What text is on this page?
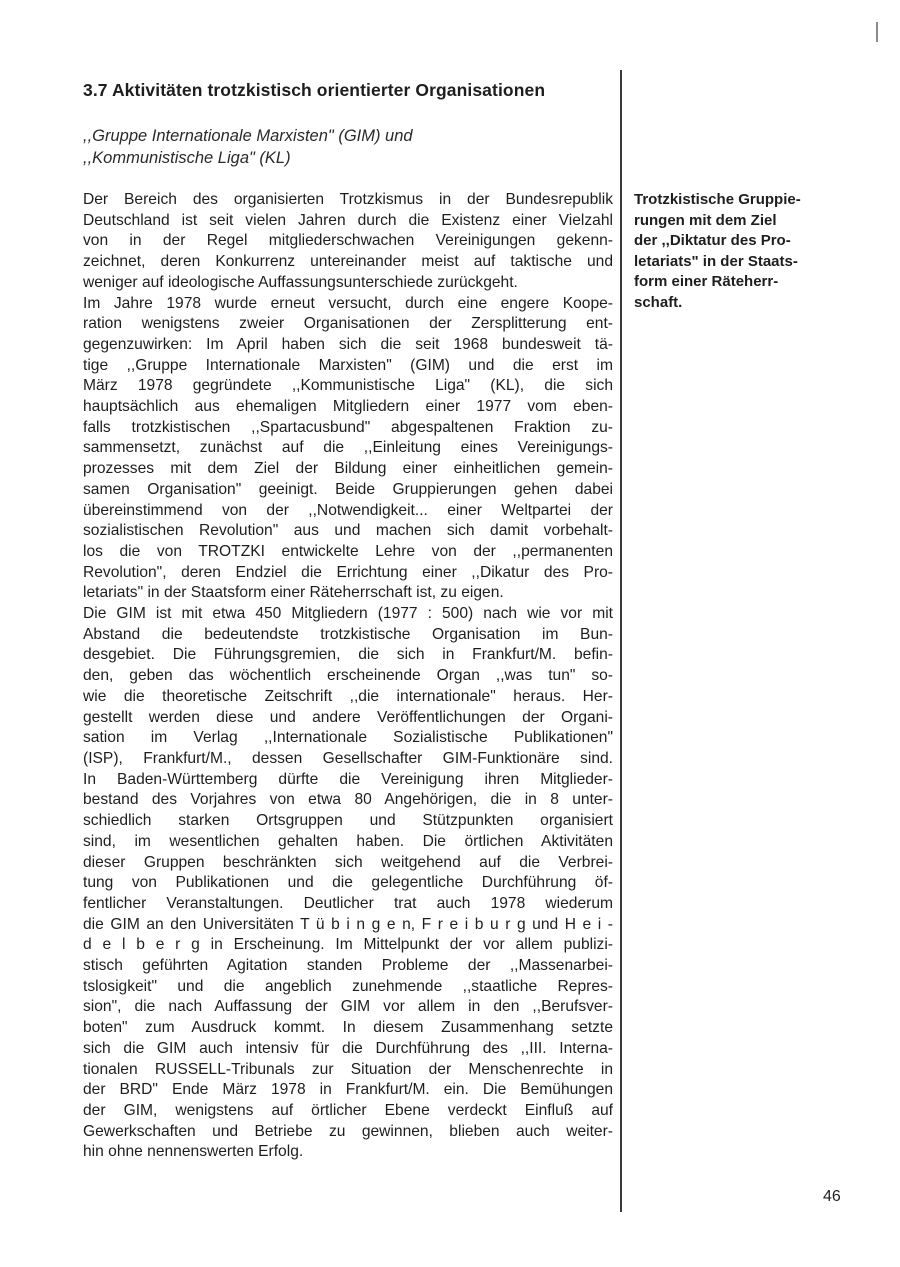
3.7 Aktivitäten trotzkistisch orientierter Organisationen

,,Gruppe Internationale Marxisten" (GIM) und
,,Kommunistische Liga" (KL)

Der Bereich des organisierten Trotzkismus in der Bundesrepublik
Deutschland ist seit vielen Jahren durch die Existenz einer Vielzahl
von in der Regel mitgliederschwachen Vereinigungen gekenn-
zeichnet, deren Konkurrenz untereinander meist auf taktische und
weniger auf ideologische Auffassungsunterschiede zurückgeht.
Im Jahre 1978 wurde erneut versucht, durch eine engere Koope-
ration wenigstens zweier Organisationen der Zersplitterung ent-
gegenzuwirken: Im April haben sich die seit 1968 bundesweit tä-
tige ,,Gruppe Internationale Marxisten" (GIM) und die erst im
März 1978 gegründete ,,Kommunistische Liga" (KL), die sich
hauptsächlich aus ehemaligen Mitgliedern einer 1977 vom eben-
falls trotzkistischen ,,Spartacusbund" abgespaltenen Fraktion zu-
sammensetzt, zunächst auf die ,,Einleitung eines Vereinigungs-
prozesses mit dem Ziel der Bildung einer einheitlichen gemein-
samen Organisation" geeinigt. Beide Gruppierungen gehen dabei
übereinstimmend von der ,,Notwendigkeit... einer Weltpartei der
sozialistischen Revolution" aus und machen sich damit vorbehalt-
los die von TROTZKI entwickelte Lehre von der ,,permanenten
Revolution", deren Endziel die Errichtung einer ,,Dikatur des Pro-
letariats" in der Staatsform einer Räteherrschaft ist, zu eigen.
Die GIM ist mit etwa 450 Mitgliedern (1977 : 500) nach wie vor mit
Abstand die bedeutendste trotzkistische Organisation im Bun-
desgebiet. Die Führungsgremien, die sich in Frankfurt/M. befin-
den, geben das wöchentlich erscheinende Organ ,,was tun" so-
wie die theoretische Zeitschrift ,,die internationale" heraus. Her-
gestellt werden diese und andere Veröffentlichungen der Organi-
sation im Verlag ,,Internationale Sozialistische Publikationen"
(ISP), Frankfurt/M., dessen Gesellschafter GIM-Funktionäre sind.
In Baden-Württemberg dürfte die Vereinigung ihren Mitglieder-
bestand des Vorjahres von etwa 80 Angehörigen, die in 8 unter-
schiedlich starken Ortsgruppen und Stützpunkten organisiert
sind, im wesentlichen gehalten haben. Die örtlichen Aktivitäten
dieser Gruppen beschränkten sich weitgehend auf die Verbrei-
tung von Publikationen und die gelegentliche Durchführung öf-
fentlicher Veranstaltungen. Deutlicher trat auch 1978 wiederum
die GIM an den Universitäten T ü b i n g e n, F r e i b u r g und H e i -
d e l b e r g in Erscheinung. Im Mittelpunkt der vor allem publizi-
stisch geführten Agitation standen Probleme der ,,Massenarbei-
tslosigkeit" und die angeblich zunehmende ,,staatliche Repres-
sion", die nach Auffassung der GIM vor allem in den ,,Berufsver-
boten" zum Ausdruck kommt. In diesem Zusammenhang setzte
sich die GIM auch intensiv für die Durchführung des ,,III. Interna-
tionalen RUSSELL-Tribunals zur Situation der Menschenrechte in
der BRD" Ende März 1978 in Frankfurt/M. ein. Die Bemühungen
der GIM, wenigstens auf örtlicher Ebene verdeckt Einfluß auf
Gewerkschaften und Betriebe zu gewinnen, blieben auch weiter-
hin ohne nennenswerten Erfolg.
Trotzkistische Gruppie-
rungen mit dem Ziel
der ,,Diktatur des Pro-
letariats" in der Staats-
form einer Räteherr-
schaft.
46
